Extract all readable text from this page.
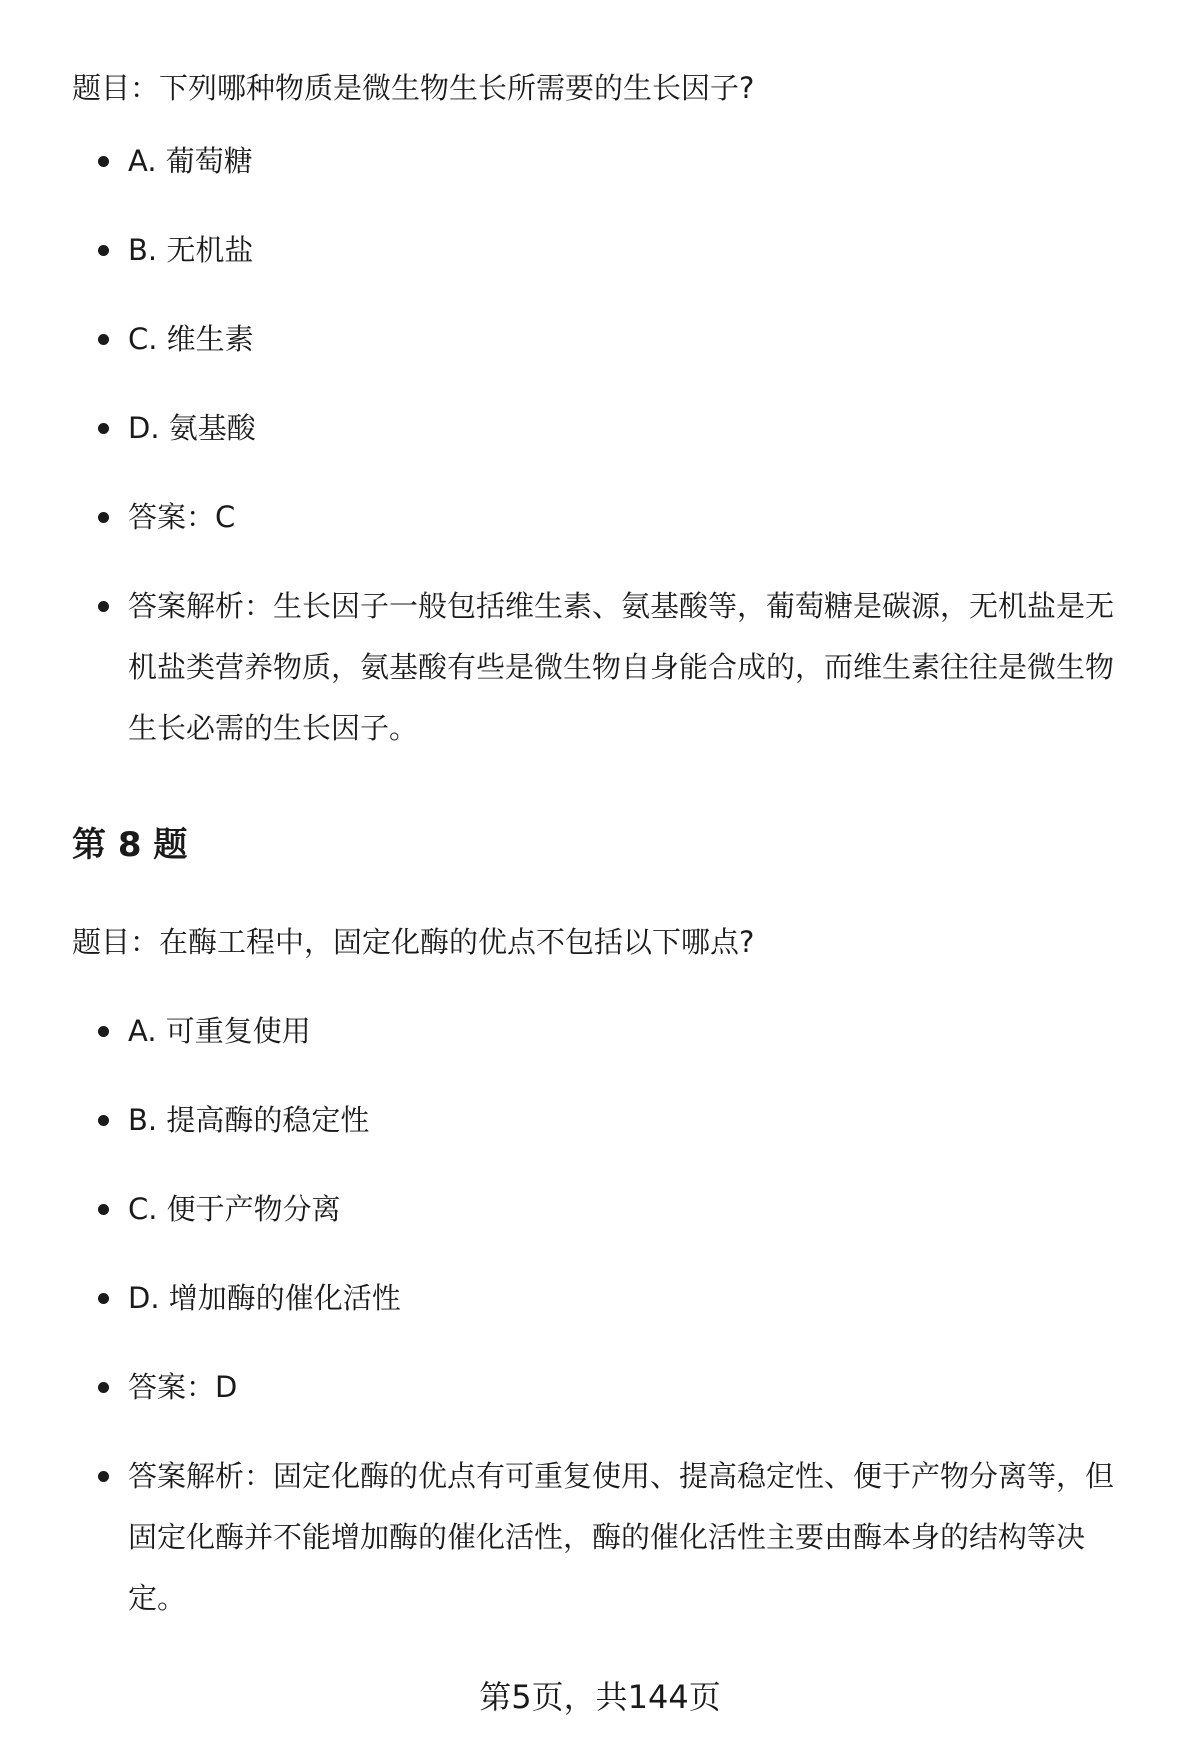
题目：下列哪种物质是微生物生长所需要的生长因子?
A. 葡萄糖
B. 无机盐
C. 维生素
D. 氨基酸
答案：C
答案解析：生长因子一般包括维生素、氨基酸等，葡萄糖是碳源，无机盐是无机盐类营养物质，氨基酸有些是微生物自身能合成的，而维生素往往是微生物生长必需的生长因子。
第 8 题
题目：在酶工程中，固定化酶的优点不包括以下哪点?
A. 可重复使用
B. 提高酶的稳定性
C. 便于产物分离
D. 增加酶的催化活性
答案：D
答案解析：固定化酶的优点有可重复使用、提高稳定性、便于产物分离等，但固定化酶并不能增加酶的催化活性，酶的催化活性主要由酶本身的结构等决定。
第5页，共144页
